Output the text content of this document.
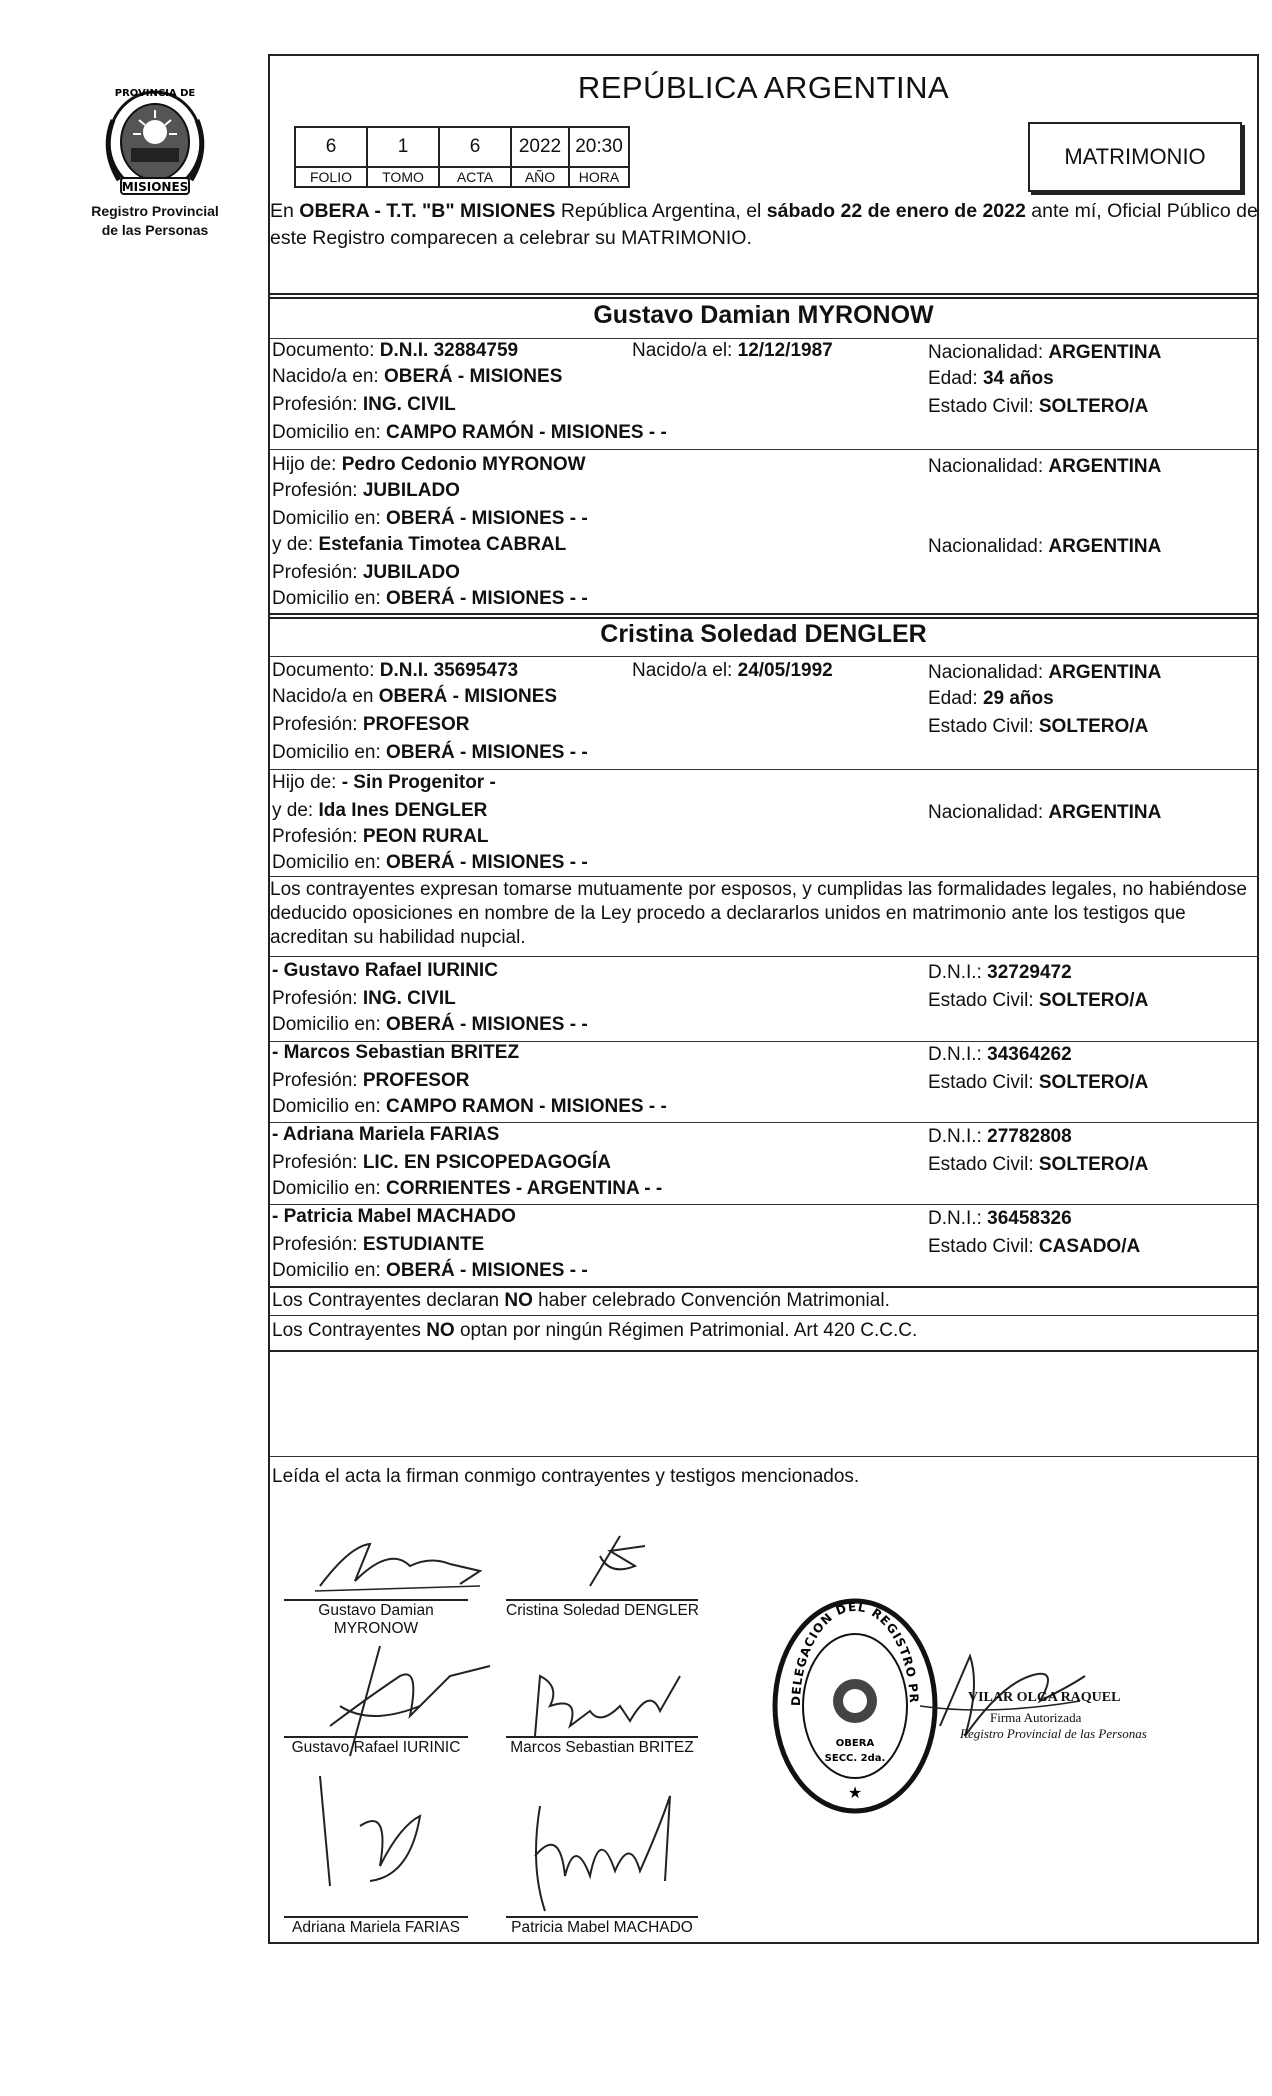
MISIONES
PROVINCIA DE
Registro Provincial
de las Personas
REPÚBLICA ARGENTINA
6	1	6	2022	20:30
FOLIO	TOMO	ACTA	AÑO	HORA
MATRIMONIO
En OBERA - T.T. "B" MISIONES República Argentina, el sábado 22 de enero de 2022 ante mí, Oficial Público de este Registro comparecen a celebrar su MATRIMONIO.
Gustavo Damian MYRONOW
Documento: D.N.I. 32884759	Nacido/a el: 12/12/1987	Nacionalidad: ARGENTINA
Nacido/a en: OBERÁ - MISIONES	Edad: 34 años
Profesión: ING. CIVIL	Estado Civil: SOLTERO/A
Domicilio en: CAMPO RAMÓN - MISIONES - -
Hijo de: Pedro Cedonio MYRONOW	Nacionalidad: ARGENTINA
Profesión: JUBILADO
Domicilio en: OBERÁ - MISIONES - -
y de: Estefania Timotea CABRAL	Nacionalidad: ARGENTINA
Profesión: JUBILADO
Domicilio en: OBERÁ - MISIONES - -
Cristina Soledad DENGLER
Documento: D.N.I. 35695473	Nacido/a el: 24/05/1992	Nacionalidad: ARGENTINA
Nacido/a en OBERÁ - MISIONES	Edad: 29 años
Profesión: PROFESOR	Estado Civil: SOLTERO/A
Domicilio en: OBERÁ - MISIONES - -
Hijo de: - Sin Progenitor -
y de: Ida Ines DENGLER	Nacionalidad: ARGENTINA
Profesión: PEON RURAL
Domicilio en: OBERÁ - MISIONES - -
Los contrayentes expresan tomarse mutuamente por esposos, y cumplidas las formalidades legales, no habiéndose deducido oposiciones en nombre de la Ley procedo a declararlos unidos en matrimonio ante los testigos que acreditan su habilidad nupcial.
- Gustavo Rafael IURINIC	D.N.I.: 32729472
Profesión: ING. CIVIL	Estado Civil: SOLTERO/A
Domicilio en: OBERÁ - MISIONES - -
- Marcos Sebastian BRITEZ	D.N.I.: 34364262
Profesión: PROFESOR	Estado Civil: SOLTERO/A
Domicilio en: CAMPO RAMON - MISIONES - -
- Adriana Mariela FARIAS	D.N.I.: 27782808
Profesión: LIC. EN PSICOPEDAGOGÍA	Estado Civil: SOLTERO/A
Domicilio en: CORRIENTES - ARGENTINA - -
- Patricia Mabel MACHADO	D.N.I.: 36458326
Profesión: ESTUDIANTE	Estado Civil: CASADO/A
Domicilio en: OBERÁ - MISIONES - -
Los Contrayentes declaran NO haber celebrado Convención Matrimonial.
Los Contrayentes NO optan por ningún Régimen Patrimonial. Art 420 C.C.C.
Leída el acta la firman conmigo contrayentes y testigos mencionados.
Gustavo Damian
MYRONOW
Cristina Soledad DENGLER
Gustavo Rafael IURINIC	Marcos Sebastian BRITEZ
Adriana Mariela FARIAS	Patricia Mabel MACHADO
DELEGACION DEL REGISTRO PROVINCIAL DE LAS PERSONAS
OBERA
SECC. 2da.
★
VILAR OLGA RAQUEL
Firma Autorizada
Registro Provincial de las Personas
